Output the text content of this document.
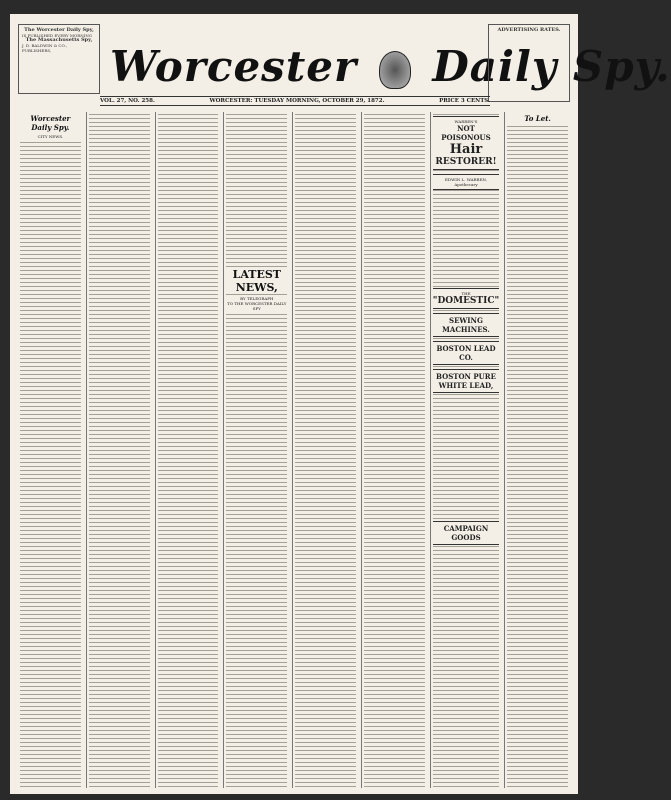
The Worcester Daily Spy,
IS PUBLISHED EVERY MORNING
The Massachusetts Spy,
J. D. BALDWIN & CO., PUBLISHERS,	Worcester Daily Spy.
ADVERTISING RATES.
VOL. 27, NO. 258.	WORCESTER: TUESDAY MORNING, OCTOBER 29, 1872.	PRICE 3 CENTS.
Worcester Daily Spy.
CITY NEWS.
LATEST NEWS,
BY TELEGRAPH
TO THE WORCESTER DAILY SPY
WARREN'S
NOT POISONOUS
Hair
RESTORER!
EDWIN L. WARREN, Apothecary
THE
"DOMESTIC"
SEWING MACHINES.
BOSTON LEAD CO.
BOSTON PURE WHITE LEAD,
CAMPAIGN GOODS
To Let.
